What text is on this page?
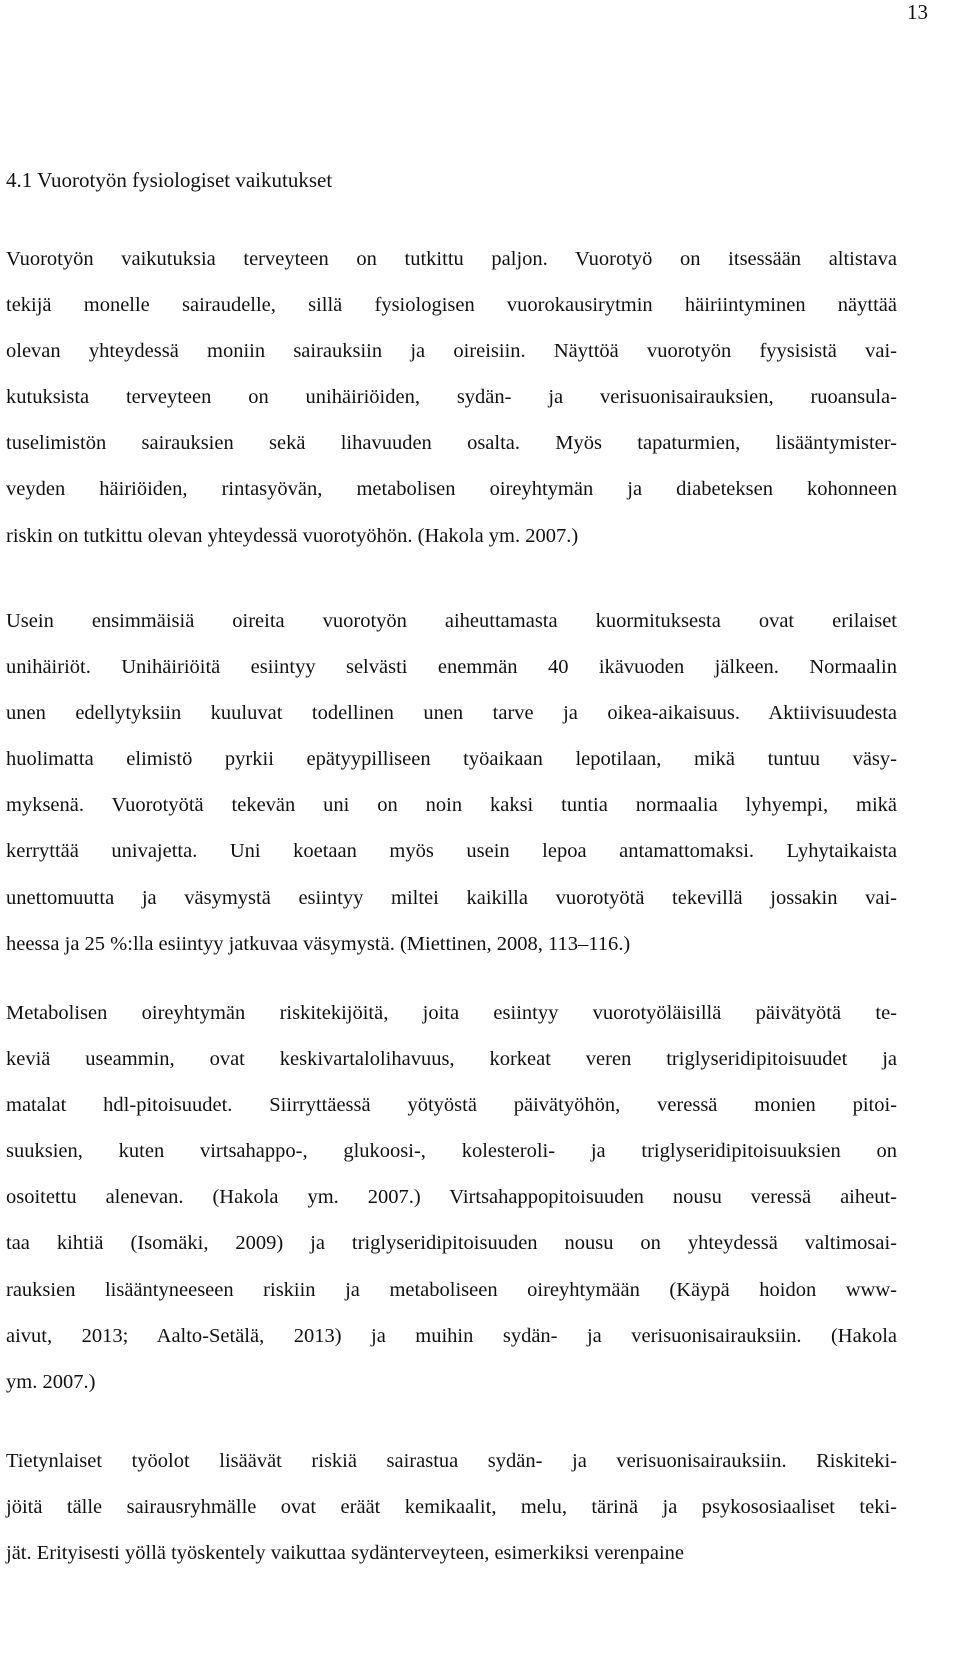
13
4.1 Vuorotyön fysiologiset vaikutukset

Vuorotyön vaikutuksia terveyteen on tutkittu paljon. Vuorotyö on itsessään altistava
tekijä monelle sairaudelle, sillä fysiologisen vuorokausirytmin häiriintyminen näyttää
olevan yhteydessä moniin sairauksiin ja oireisiin. Näyttöä vuorotyön fyysisistä vai-
kutuksista terveyteen on unihäiriöiden, sydän- ja verisuonisairauksien, ruoansula-
tuselimistön sairauksien sekä lihavuuden osalta. Myös tapaturmien, lisääntymister-
veyden häiriöiden, rintasyövän, metabolisen oireyhtymän ja diabeteksen kohonneen
riskin on tutkittu olevan yhteydessä vuorotyöhön. (Hakola ym. 2007.)

Usein ensimmäisiä oireita vuorotyön aiheuttamasta kuormituksesta ovat erilaiset
unihäiriöt. Unihäiriöitä esiintyy selvästi enemmän 40 ikävuoden jälkeen. Normaalin
unen edellytyksiin kuuluvat todellinen unen tarve ja oikea-aikaisuus. Aktiivisuudesta
huolimatta elimistö pyrkii epätyypilliseen työaikaan lepotilaan, mikä tuntuu väsy-
myksenä. Vuorotyötä tekevän uni on noin kaksi tuntia normaalia lyhyempi, mikä
kerryttää univajetta. Uni koetaan myös usein lepoa antamattomaksi. Lyhytaikaista
unettomuutta ja väsymystä esiintyy miltei kaikilla vuorotyötä tekevillä jossakin vai-
heessa ja 25 %:lla esiintyy jatkuvaa väsymystä. (Miettinen, 2008, 113–116.)

Metabolisen oireyhtymän riskitekijöitä, joita esiintyy vuorotyöläisillä päivätyötä te-
keviä useammin, ovat keskivartalolihavuus, korkeat veren triglyseridipitoisuudet ja
matalat hdl-pitoisuudet. Siirryttäessä yötyöstä päivätyöhön, veressä monien pitoi-
suuksien, kuten virtsahappo-, glukoosi-, kolesteroli- ja triglyseridipitoisuuksien on
osoitettu alenevan. (Hakola ym. 2007.) Virtsahappopitoisuuden nousu veressä aiheut-
taa kihtiä (Isomäki, 2009) ja triglyseridipitoisuuden nousu on yhteydessä valtimosai-
rauksien lisääntyneeseen riskiin ja metaboliseen oireyhtymään (Käypä hoidon www-
aivut, 2013; Aalto-Setälä, 2013) ja muihin sydän- ja verisuonisairauksiin. (Hakola
ym. 2007.)

Tietynlaiset työolot lisäävät riskiä sairastua sydän- ja verisuonisairauksiin. Riskiteki-
jöitä tälle sairausryhmälle ovat eräät kemikaalit, melu, tärinä ja psykososiaaliset teki-
jät. Erityisesti yöllä työskentely vaikuttaa sydänterveyteen, esimerkiksi verenpaine
